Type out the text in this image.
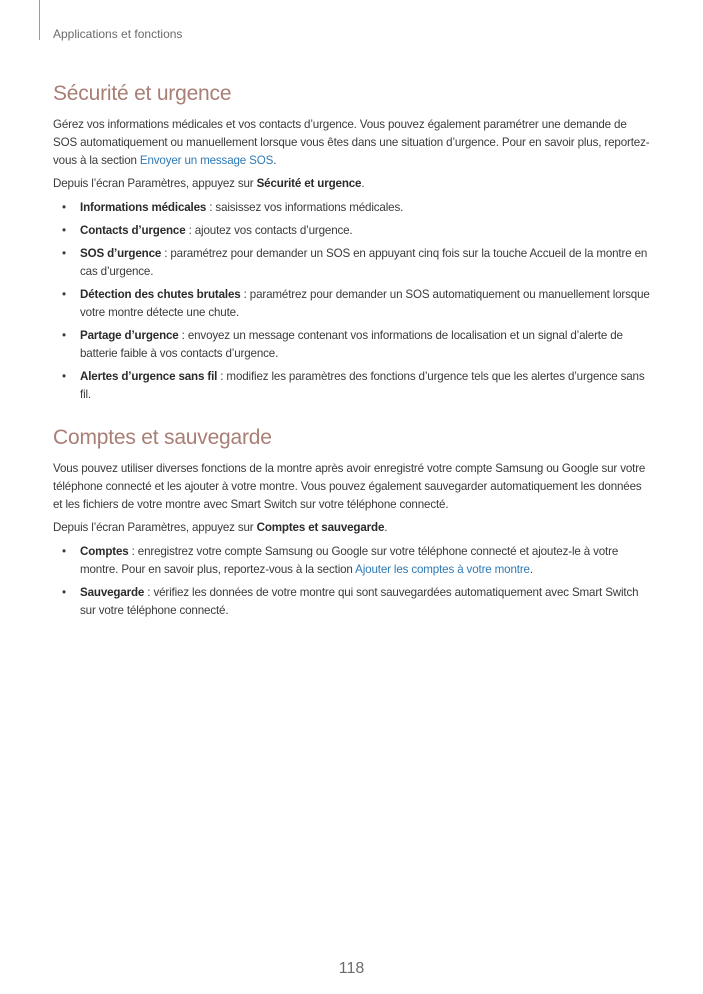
Applications et fonctions
Sécurité et urgence

Gérez vos informations médicales et vos contacts d’urgence. Vous pouvez également paramétrer une demande de SOS automatiquement ou manuellement lorsque vous êtes dans une situation d’urgence. Pour en savoir plus, reportez-vous à la section Envoyer un message SOS.

Depuis l’écran Paramètres, appuyez sur Sécurité et urgence.

• Informations médicales : saisissez vos informations médicales.
• Contacts d’urgence : ajoutez vos contacts d’urgence.
• SOS d’urgence : paramétrez pour demander un SOS en appuyant cinq fois sur la touche Accueil de la montre en cas d’urgence.
• Détection des chutes brutales : paramétrez pour demander un SOS automatiquement ou manuellement lorsque votre montre détecte une chute.
• Partage d’urgence : envoyez un message contenant vos informations de localisation et un signal d’alerte de batterie faible à vos contacts d’urgence.
• Alertes d’urgence sans fil : modifiez les paramètres des fonctions d’urgence tels que les alertes d’urgence sans fil.
Comptes et sauvegarde

Vous pouvez utiliser diverses fonctions de la montre après avoir enregistré votre compte Samsung ou Google sur votre téléphone connecté et les ajouter à votre montre. Vous pouvez également sauvegarder automatiquement les données et les fichiers de votre montre avec Smart Switch sur votre téléphone connecté.

Depuis l’écran Paramètres, appuyez sur Comptes et sauvegarde.

• Comptes : enregistrez votre compte Samsung ou Google sur votre téléphone connecté et ajoutez-le à votre montre. Pour en savoir plus, reportez-vous à la section Ajouter les comptes à votre montre.
• Sauvegarde : vérifiez les données de votre montre qui sont sauvegardées automatiquement avec Smart Switch sur votre téléphone connecté.
118
